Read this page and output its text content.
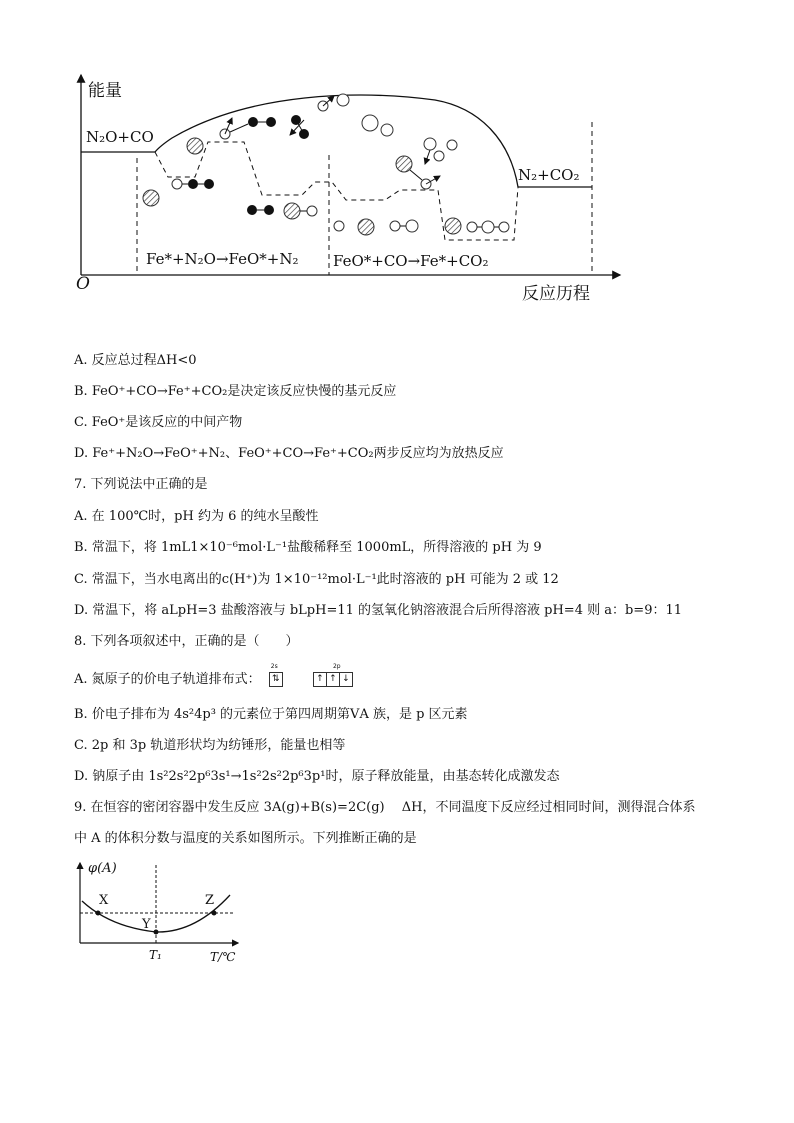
能量
O	反应历程
N₂O+CO
N₂+CO₂
Fe*+N₂O→FeO*+N₂ FeO*+CO→Fe*+CO₂
A. 反应总过程ΔH<0
B. FeO⁺+CO→Fe⁺+CO₂是决定该反应快慢的基元反应
C. FeO⁺是该反应的中间产物
D. Fe⁺+N₂O→FeO⁺+N₂、FeO⁺+CO→Fe⁺+CO₂两步反应均为放热反应
7. 下列说法中正确的是
A. 在 100℃时，pH 约为 6 的纯水呈酸性
B. 常温下，将 1mL1×10⁻⁶mol·L⁻¹盐酸稀释至 1000mL，所得溶液的 pH 为 9
C. 常温下，当水电离出的c(H⁺)为 1×10⁻¹²mol·L⁻¹此时溶液的 pH 可能为 2 或 12
D. 常温下，将 aLpH=3 盐酸溶液与 bLpH=11 的氢氧化钠溶液混合后所得溶液 pH=4 则 a：b=9：11
8. 下列各项叙述中，正确的是（　　）
A. 氮原子的价电子轨道排布式：
2s
⇅
2p
↑ ↑ ↓
B. 价电子排布为 4s²4p³ 的元素位于第四周期第ⅤA 族，是 p 区元素
C. 2p 和 3p 轨道形状均为纺锤形，能量也相等
D. 钠原子由 1s²2s²2p⁶3s¹→1s²2s²2p⁶3p¹时，原子释放能量，由基态转化成激发态
9. 在恒容的密闭容器中发生反应 3A(g)+B(s)=2C(g)　 ΔH，不同温度下反应经过相同时间，测得混合体系
中 A 的体积分数与温度的关系如图所示。下列推断正确的是
φ(A)
X
Y
Z
T₁	T/℃
